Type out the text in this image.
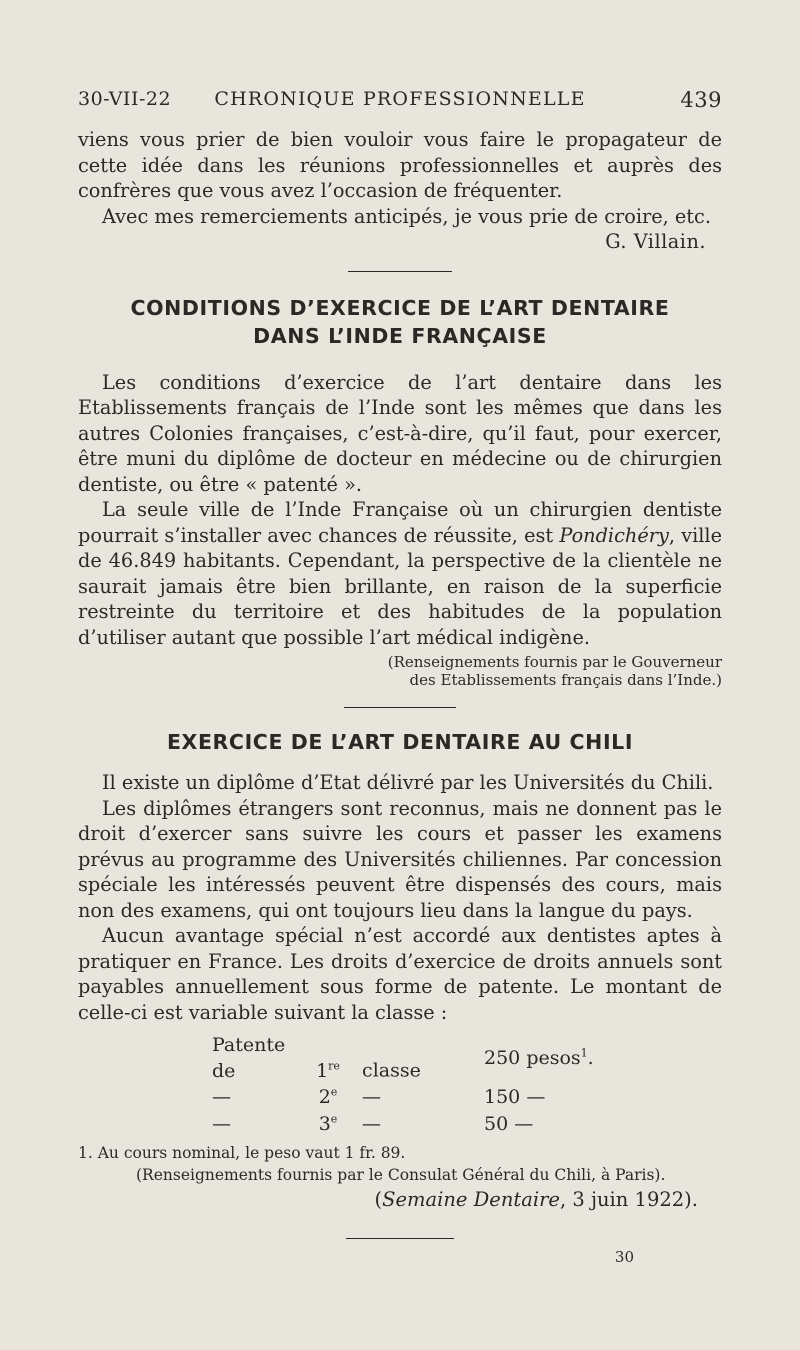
30-VII-22	CHRONIQUE PROFESSIONNELLE	439

viens vous prier de bien vouloir vous faire le propagateur de cette idée dans les réunions professionnelles et auprès des confrères que vous avez l’occasion de fréquenter.

Avec mes remerciements anticipés, je vous prie de croire, etc.

G. Villain.

CONDITIONS D’EXERCICE DE L’ART DENTAIRE
DANS L’INDE FRANÇAISE

Les conditions d’exercice de l’art dentaire dans les Etablissements français de l’Inde sont les mêmes que dans les autres Colonies françaises, c’est-à-dire, qu’il faut, pour exercer, être muni du diplôme de docteur en médecine ou de chirurgien dentiste, ou être « patenté ».

La seule ville de l’Inde Française où un chirurgien dentiste pourrait s’installer avec chances de réussite, est Pondichéry, ville de 46.849 habitants. Cependant, la perspective de la clientèle ne saurait jamais être bien brillante, en raison de la superficie restreinte du territoire et des habitudes de la population d’utiliser autant que possible l’art médical indigène.

(Renseignements fournis par le Gouverneur
des Etablissements français dans l’Inde.)
EXERCICE DE L’ART DENTAIRE AU CHILI

Il existe un diplôme d’Etat délivré par les Universités du Chili.

Les diplômes étrangers sont reconnus, mais ne donnent pas le droit d’exercer sans suivre les cours et passer les examens prévus au programme des Universités chiliennes. Par concession spéciale les intéressés peuvent être dispensés des cours, mais non des examens, qui ont toujours lieu dans la langue du pays.

Aucun avantage spécial n’est accordé aux dentistes aptes à pratiquer en France. Les droits d’exercice de droits annuels sont payables annuellement sous forme de patente. Le montant de celle-ci est variable suivant la classe :

Patente de 1re classe	250 pesos$^1$.
— 2e —	150 —
— 3e —	50 —
1. Au cours nominal, le peso vaut 1 fr. 89.
(Renseignements fournis par le Consulat Général du Chili, à Paris).
(Semaine Dentaire, 3 juin 1922).
30
